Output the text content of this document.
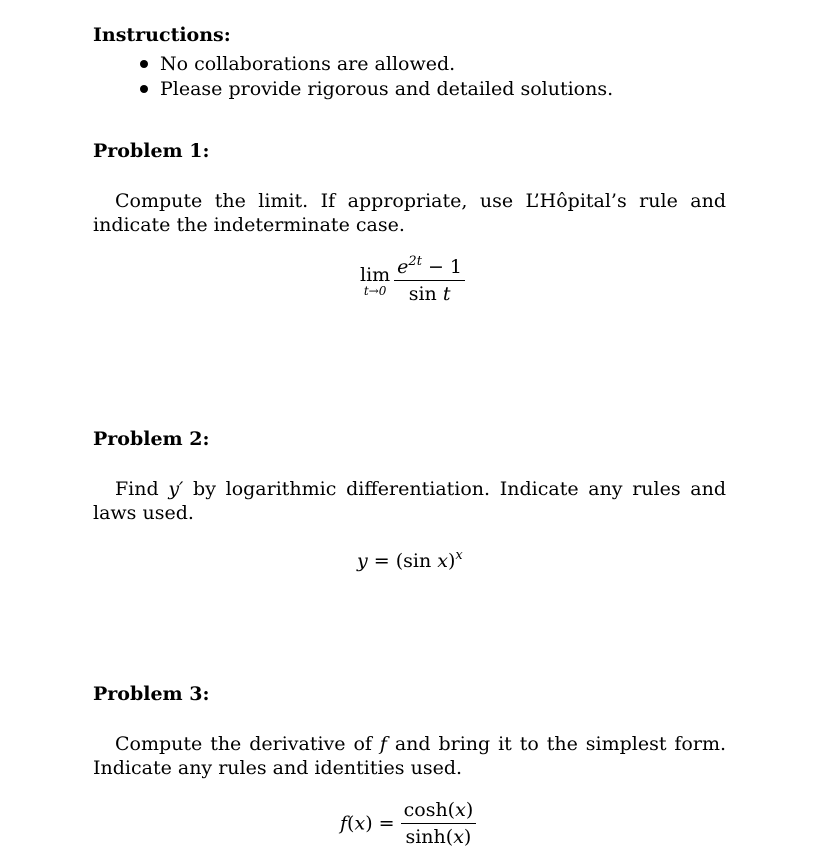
Instructions:
No collaborations are allowed.
Please provide rigorous and detailed solutions.
Problem 1:
Compute the limit. If appropriate, use L’Hôpital’s rule and indicate the indeterminate case.
lim
$t\to 0 \frac{e^{2t} - 1}{\text{sin t}}$
Problem 2:
Find y′ by logarithmic differentiation. Indicate any rules and laws used.
y = (sin x)$^x$
Problem 3:
Compute the derivative of f and bring it to the simplest form. Indicate any rules and identities used.
$f(x) = \frac{\cosh(x)}{\sinh(x)}$
